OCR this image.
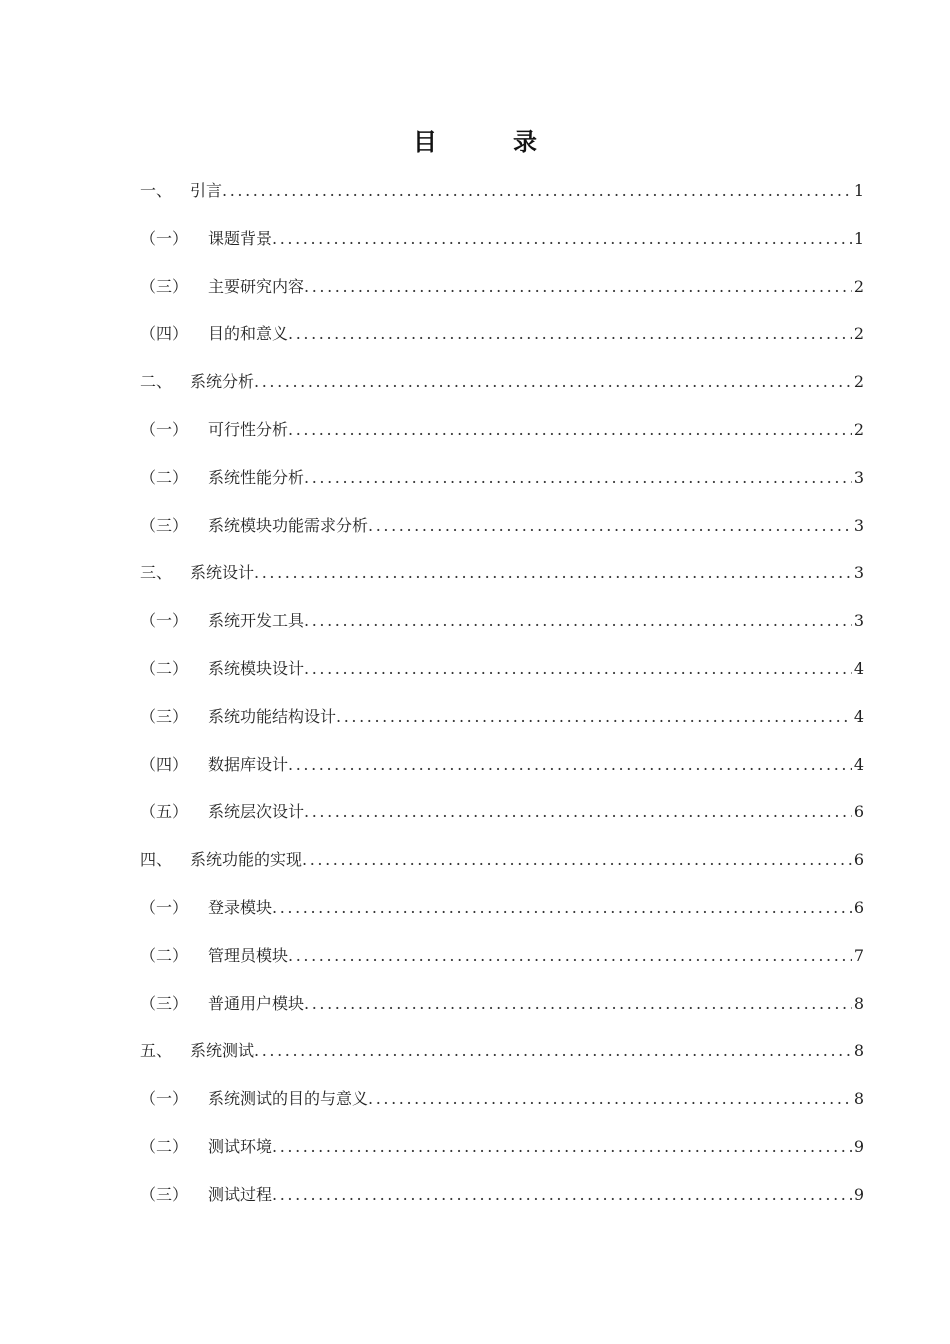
目　录
一、	引言 .....	1
（一）	课题背景 .....	1
（三）	主要研究内容 .....	2
（四）	目的和意义 .....	2
二、	系统分析 .....	2
（一）	可行性分析 .....	2
（二）	系统性能分析 .....	3
（三）	系统模块功能需求分析 .....	3
三、	系统设计 .....	3
（一）	系统开发工具 .....	3
（二）	系统模块设计 .....	4
（三）	系统功能结构设计 .....	4
（四）	数据库设计 .....	4
（五）	系统层次设计 .....	6
四、	系统功能的实现 .....	6
（一）	登录模块 .....	6
（二）	管理员模块 .....	7
（三）	普通用户模块 .....	8
五、	系统测试 .....	8
（一）	系统测试的目的与意义 .....	8
（二）	测试环境 .....	9
（三）	测试过程 .....	9
